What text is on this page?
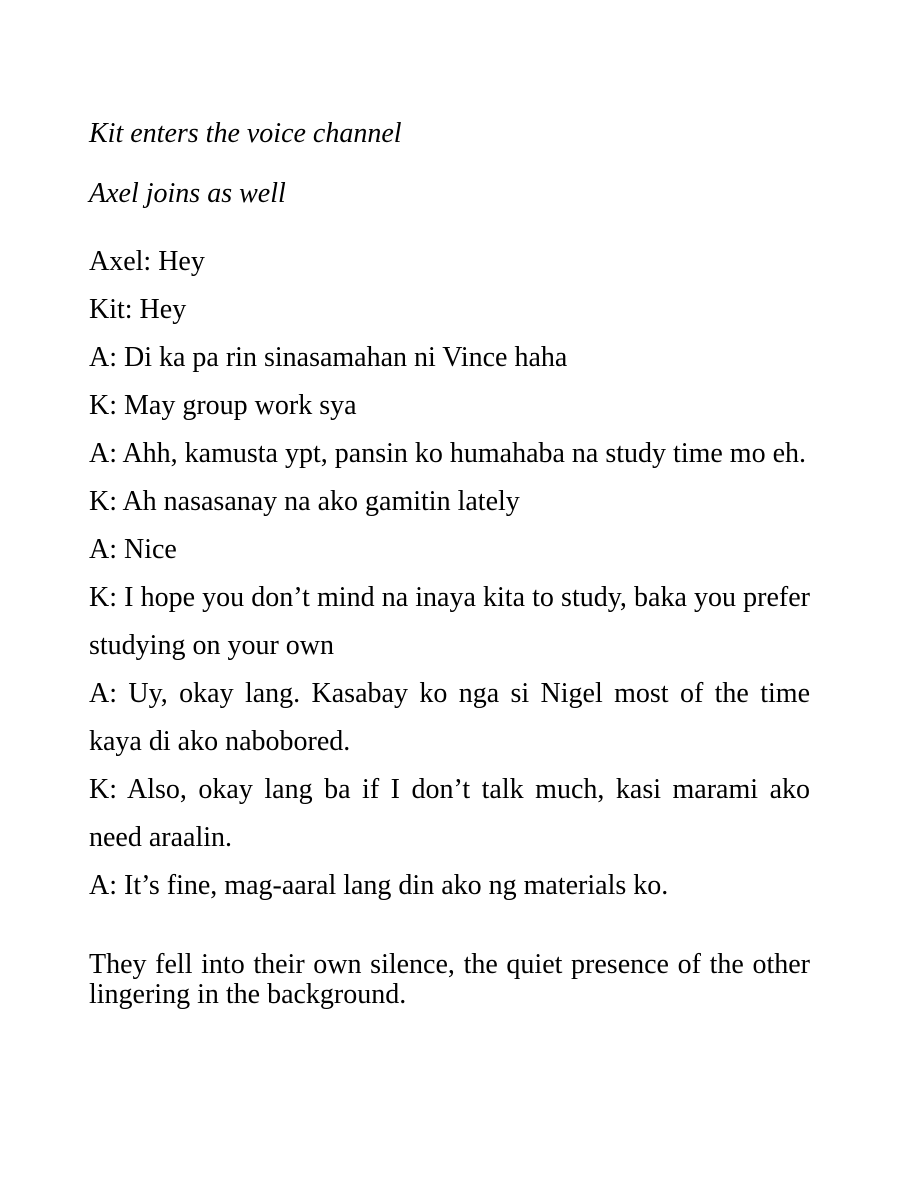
Kit enters the voice channel

Axel joins as well

Axel: Hey

Kit: Hey

A: Di ka pa rin sinasamahan ni Vince haha

K: May group work sya

A: Ahh, kamusta ypt, pansin ko humahaba na study time mo eh.

K: Ah nasasanay na ako gamitin lately

A: Nice

K: I hope you don’t mind na inaya kita to study, baka you prefer studying on your own

A: Uy, okay lang. Kasabay ko nga si Nigel most of the time kaya di ako nabobored.

K: Also, okay lang ba if I don’t talk much, kasi marami ako need araalin.

A: It’s fine, mag-aaral lang din ako ng materials ko.

They fell into their own silence, the quiet presence of the other lingering in the background.
